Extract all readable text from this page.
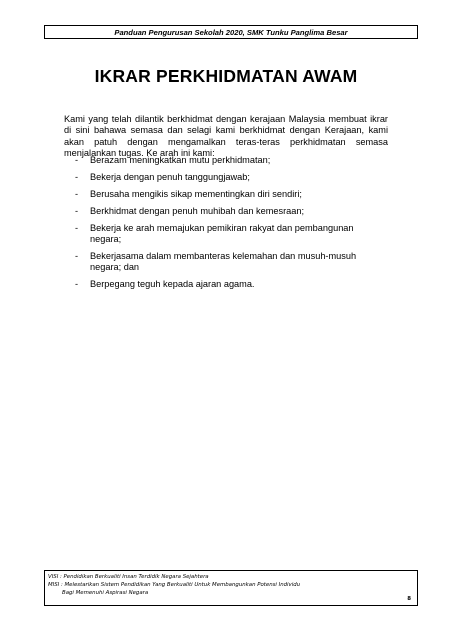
Panduan Pengurusan Sekolah 2020, SMK Tunku Panglima Besar
IKRAR PERKHIDMATAN AWAM

Kami yang telah dilantik berkhidmat dengan kerajaan Malaysia membuat ikrar di sini bahawa semasa dan selagi kami berkhidmat dengan Kerajaan, kami akan patuh dengan mengamalkan teras-teras perkhidmatan semasa menjalankan tugas. Ke arah ini kami:

-	Berazam meningkatkan mutu perkhidmatan;
-	Bekerja dengan penuh tanggungjawab;
-	Berusaha mengikis sikap mementingkan diri sendiri;
-	Berkhidmat dengan penuh muhibah dan kemesraan;
-	Bekerja ke arah memajukan pemikiran rakyat dan pembangunan negara;
-	Bekerjasama dalam membanteras kelemahan dan musuh-musuh negara; dan
-	Berpegang teguh kepada ajaran agama.
VISI : Pendidikan Berkualiti Insan Terdidik Negara Sejahtera
MISI : Melestarikan Sistem Pendidikan Yang Berkualiti Untuk Membangunkan Potensi Individu
Bagi Memenuhi Aspirasi Negara
8
